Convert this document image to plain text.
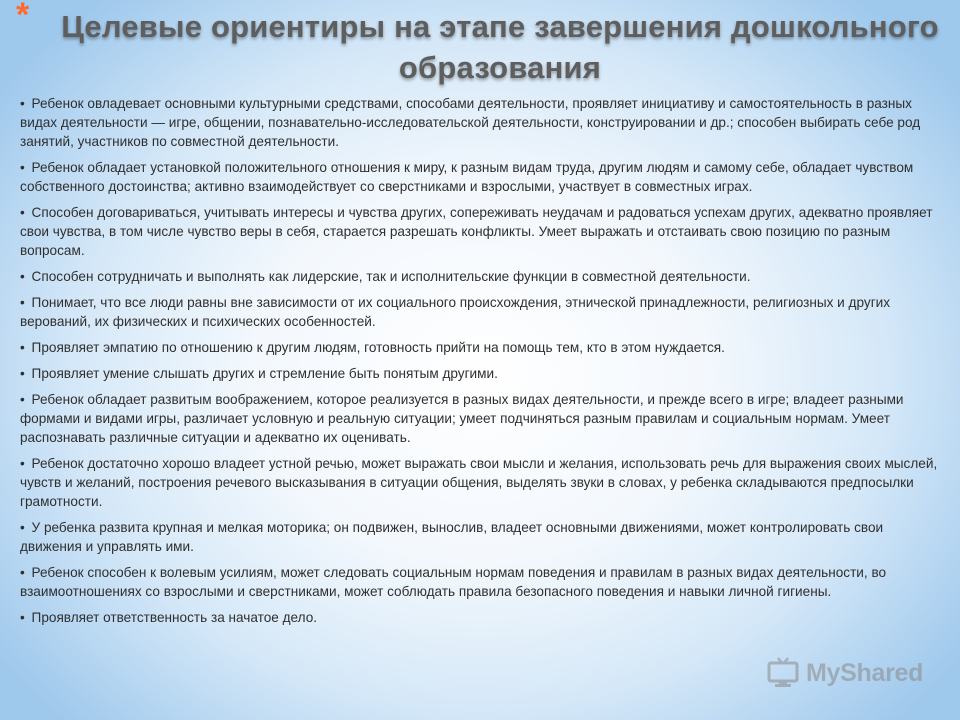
* Целевые ориентиры на этапе завершения дошкольного образования

• Ребенок овладевает основными культурными средствами, способами деятельности, проявляет инициативу и самостоятельность в разных видах деятельности — игре, общении, познавательно-исследовательской деятельности, конструировании и др.; способен выбирать себе род занятий, участников по совместной деятельности.

• Ребенок обладает установкой положительного отношения к миру, к разным видам труда, другим людям и самому себе, обладает чувством собственного достоинства; активно взаимодействует со сверстниками и взрослыми, участвует в совместных играх.

• Способен договариваться, учитывать интересы и чувства других, сопереживать неудачам и радоваться успехам других, адекватно проявляет свои чувства, в том числе чувство веры в себя, старается разрешать конфликты. Умеет выражать и отстаивать свою позицию по разным вопросам.

• Способен сотрудничать и выполнять как лидерские, так и исполнительские функции в совместной деятельности.

• Понимает, что все люди равны вне зависимости от их социального происхождения, этнической принадлежности, религиозных и других верований, их физических и психических особенностей.

• Проявляет эмпатию по отношению к другим людям, готовность прийти на помощь тем, кто в этом нуждается.

• Проявляет умение слышать других и стремление быть понятым другими.

• Ребенок обладает развитым воображением, которое реализуется в разных видах деятельности, и прежде всего в игре; владеет разными формами и видами игры, различает условную и реальную ситуации; умеет подчиняться разным правилам и социальным нормам. Умеет распознавать различные ситуации и адекватно их оценивать.

• Ребенок достаточно хорошо владеет устной речью, может выражать свои мысли и желания, использовать речь для выражения своих мыслей, чувств и желаний, построения речевого высказывания в ситуации общения, выделять звуки в словах, у ребенка складываются предпосылки грамотности.

• У ребенка развита крупная и мелкая моторика; он подвижен, вынослив, владеет основными движениями, может контролировать свои движения и управлять ими.

• Ребенок способен к волевым усилиям, может следовать социальным нормам поведения и правилам в разных видах деятельности, во взаимоотношениях со взрослыми и сверстниками, может соблюдать правила безопасного поведения и навыки личной гигиены.

• Проявляет ответственность за начатое дело.

MyShared
